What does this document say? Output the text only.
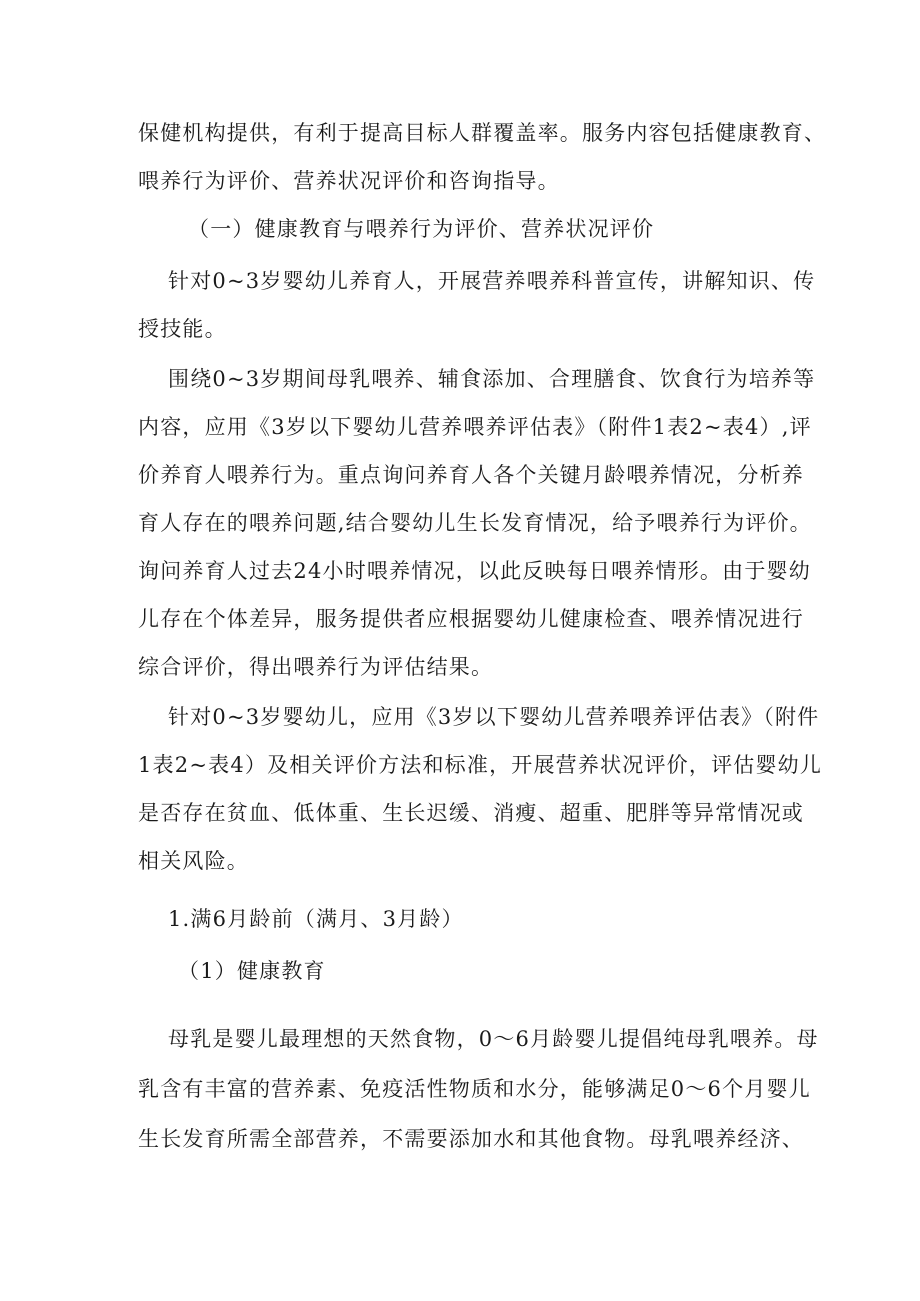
保健机构提供，有利于提高目标人群覆盖率。服务内容包括健康教育、
喂养行为评价、营养状况评价和咨询指导。
（一）健康教育与喂养行为评价、营养状况评价
针对0~3岁婴幼儿养育人，开展营养喂养科普宣传，讲解知识、传
授技能。
围绕0~3岁期间母乳喂养、辅食添加、合理膳食、饮食行为培养等
内容，应用《3岁以下婴幼儿营养喂养评估表》（附件1表2~表4）,评
价养育人喂养行为。重点询问养育人各个关键月龄喂养情况，分析养
育人存在的喂养问题,结合婴幼儿生长发育情况，给予喂养行为评价。
询问养育人过去24小时喂养情况，以此反映每日喂养情形。由于婴幼
儿存在个体差异，服务提供者应根据婴幼儿健康检查、喂养情况进行
综合评价，得出喂养行为评估结果。
针对0~3岁婴幼儿，应用《3岁以下婴幼儿营养喂养评估表》（附件
1表2~表4）及相关评价方法和标准，开展营养状况评价，评估婴幼儿
是否存在贫血、低体重、生长迟缓、消瘦、超重、肥胖等异常情况或
相关风险。
1.满6月龄前（满月、3月龄）
（1）健康教育
母乳是婴儿最理想的天然食物，0～6月龄婴儿提倡纯母乳喂养。母
乳含有丰富的营养素、免疫活性物质和水分，能够满足0～6个月婴儿
生长发育所需全部营养，不需要添加水和其他食物。母乳喂养经济、
